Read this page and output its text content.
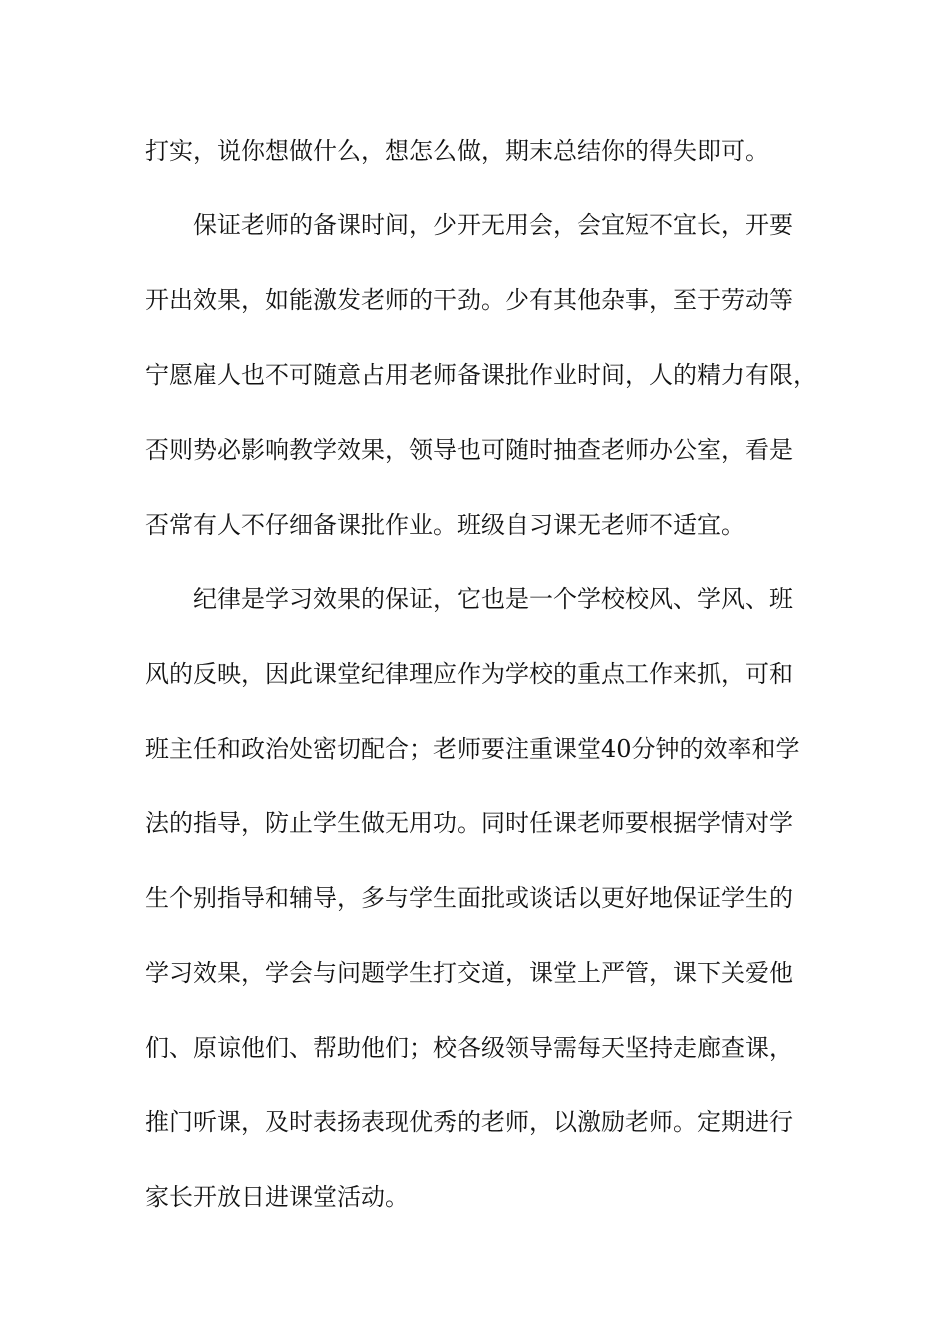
打实，说你想做什么，想怎么做，期末总结你的得失即可。

保证老师的备课时间，少开无用会，会宜短不宜长，开要

开出效果，如能激发老师的干劲。少有其他杂事，至于劳动等

宁愿雇人也不可随意占用老师备课批作业时间，人的精力有限，

否则势必影响教学效果，领导也可随时抽查老师办公室，看是

否常有人不仔细备课批作业。班级自习课无老师不适宜。

纪律是学习效果的保证，它也是一个学校校风、学风、班

风的反映，因此课堂纪律理应作为学校的重点工作来抓，可和

班主任和政治处密切配合；老师要注重课堂40分钟的效率和学

法的指导，防止学生做无用功。同时任课老师要根据学情对学

生个别指导和辅导，多与学生面批或谈话以更好地保证学生的

学习效果，学会与问题学生打交道，课堂上严管，课下关爱他

们、原谅他们、帮助他们；校各级领导需每天坚持走廊查课，

推门听课，及时表扬表现优秀的老师，以激励老师。定期进行

家长开放日进课堂活动。
